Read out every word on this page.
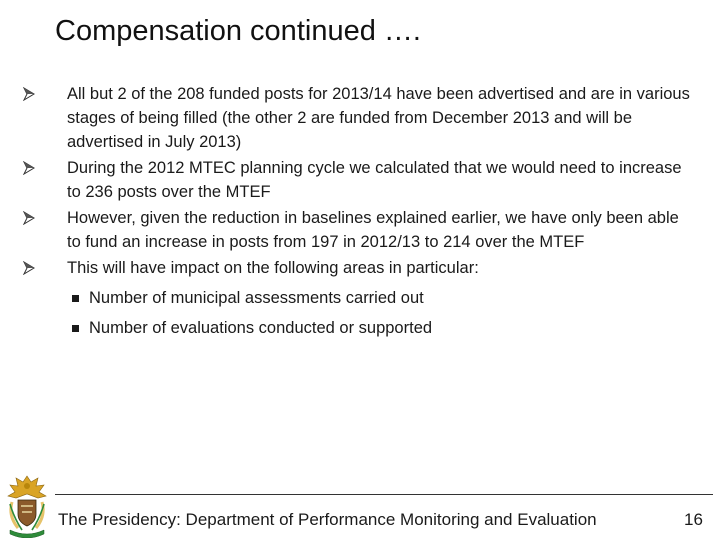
Compensation continued ….
All but 2 of the 208 funded posts for 2013/14 have been advertised and are in various stages of being filled (the other 2 are funded from December 2013 and will be advertised in July 2013)
During the 2012 MTEC planning cycle we calculated that we would need to increase to 236 posts over the MTEF
However, given the reduction in baselines explained earlier, we have only been able to fund an increase in posts from 197 in 2012/13 to 214 over the MTEF
This will have impact on the following areas in particular:
Number of municipal assessments carried out
Number of evaluations conducted or supported
The Presidency: Department of Performance Monitoring and Evaluation	16
